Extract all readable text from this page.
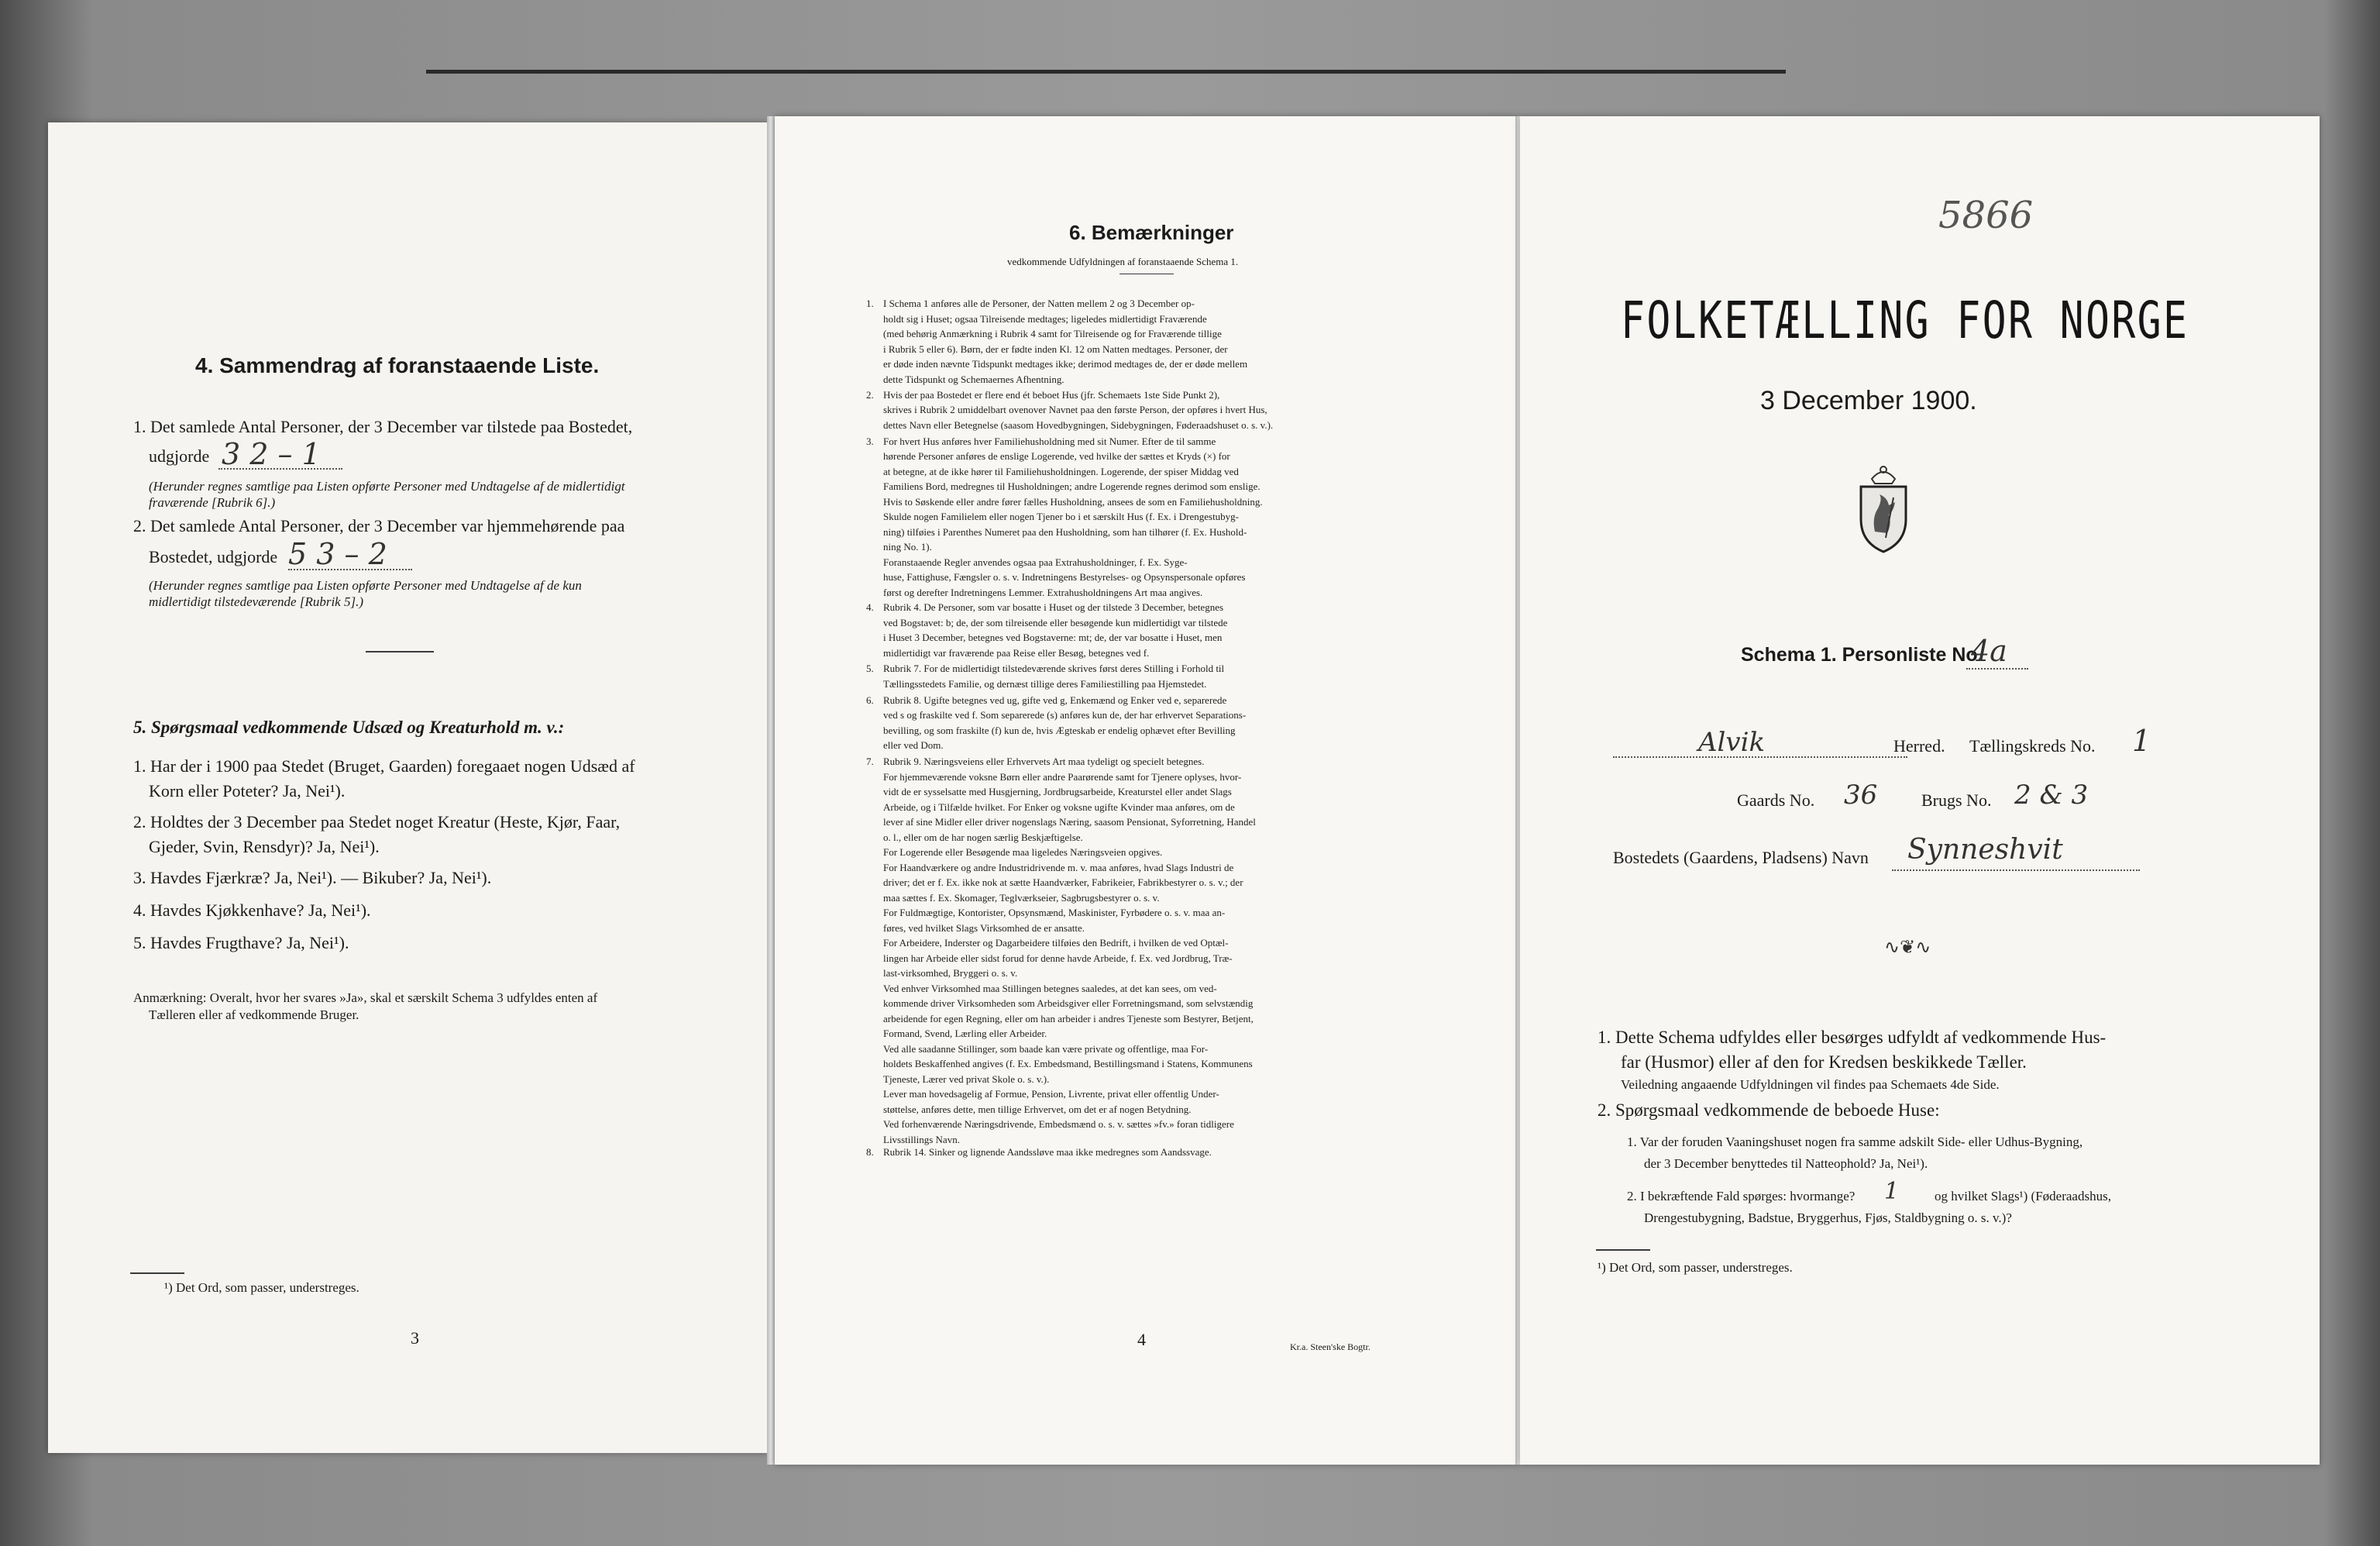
4. Sammendrag af foranstaaende Liste.
1. Det samlede Antal Personer, der 3 December var tilstede paa Bostedet,
udgjorde 3 2 – 1
(Herunder regnes samtlige paa Listen opførte Personer med Undtagelse af de midlertidigt
fraværende [Rubrik 6].)
2. Det samlede Antal Personer, der 3 December var hjemmehørende paa
Bostedet, udgjorde 5 3 – 2
(Herunder regnes samtlige paa Listen opførte Personer med Undtagelse af de kun
midlertidigt tilstedeværende [Rubrik 5].)
5. Spørgsmaal vedkommende Udsæd og Kreaturhold m. v.:
1. Har der i 1900 paa Stedet (Bruget, Gaarden) foregaaet nogen Udsæd af
Korn eller Poteter? Ja, Nei¹).
2. Holdtes der 3 December paa Stedet noget Kreatur (Heste, Kjør, Faar,
Gjeder, Svin, Rensdyr)? Ja, Nei¹).
3. Havdes Fjærkræ? Ja, Nei¹). — Bikuber? Ja, Nei¹).
4. Havdes Kjøkkenhave? Ja, Nei¹).
5. Havdes Frugthave? Ja, Nei¹).
Anmærkning: Overalt, hvor her svares »Ja», skal et særskilt Schema 3 udfyldes enten af
Tælleren eller af vedkommende Bruger.
¹) Det Ord, som passer, understreges.
3
6. Bemærkninger
vedkommende Udfyldningen af foranstaaende Schema 1.
1. I Schema 1 anføres alle de Personer, der Natten mellem 2 og 3 December op-
holdt sig i Huset; ogsaa Tilreisende medtages; ligeledes midlertidigt Fraværende
(med behørig Anmærkning i Rubrik 4 samt for Tilreisende og for Fraværende tillige
i Rubrik 5 eller 6). Børn, der er fødte inden Kl. 12 om Natten medtages. Personer, der
er døde inden nævnte Tidspunkt medtages ikke; derimod medtages de, der er døde mellem
dette Tidspunkt og Schemaernes Afhentning.
2. Hvis der paa Bostedet er flere end ét beboet Hus (jfr. Schemaets 1ste Side Punkt 2),
skrives i Rubrik 2 umiddelbart ovenover Navnet paa den første Person, der opføres i hvert Hus,
dettes Navn eller Betegnelse (saasom Hovedbygningen, Sidebygningen, Føderaadshuset o. s. v.).
3. For hvert Hus anføres hver Familiehusholdning med sit Numer. Efter de til samme
hørende Personer anføres de enslige Logerende, ved hvilke der sættes et Kryds (×) for
at betegne, at de ikke hører til Familiehusholdningen. Logerende, der spiser Middag ved
Familiens Bord, medregnes til Husholdningen; andre Logerende regnes derimod som enslige.
Hvis to Søskende eller andre fører fælles Husholdning, ansees de som en Familiehusholdning.
Skulde nogen Familielem eller nogen Tjener bo i et særskilt Hus (f. Ex. i Drengestubyg-
ning) tilføies i Parenthes Numeret paa den Husholdning, som han tilhører (f. Ex. Hushold-
ning No. 1).
Foranstaaende Regler anvendes ogsaa paa Extrahusholdninger, f. Ex. Syge-
huse, Fattighuse, Fængsler o. s. v. Indretningens Bestyrelses- og Opsynspersonale opføres
først og derefter Indretningens Lemmer. Extrahusholdningens Art maa angives.
4. Rubrik 4. De Personer, som var bosatte i Huset og der tilstede 3 December, betegnes
ved Bogstavet: b; de, der som tilreisende eller besøgende kun midlertidigt var tilstede
i Huset 3 December, betegnes ved Bogstaverne: mt; de, der var bosatte i Huset, men
midlertidigt var fraværende paa Reise eller Besøg, betegnes ved f.
5. Rubrik 7. For de midlertidigt tilstedeværende skrives først deres Stilling i Forhold til
Tællingsstedets Familie, og dernæst tillige deres Familiestilling paa Hjemstedet.
6. Rubrik 8. Ugifte betegnes ved ug, gifte ved g, Enkemænd og Enker ved e, separerede
ved s og fraskilte ved f. Som separerede (s) anføres kun de, der har erhvervet Separations-
bevilling, og som fraskilte (f) kun de, hvis Ægteskab er endelig ophævet efter Bevilling
eller ved Dom.
7. Rubrik 9. Næringsveiens eller Erhvervets Art maa tydeligt og specielt betegnes.
For hjemmeværende voksne Børn eller andre Paarørende samt for Tjenere oplyses, hvor-
vidt de er sysselsatte med Husgjerning, Jordbrugsarbeide, Kreaturstel eller andet Slags
Arbeide, og i Tilfælde hvilket. For Enker og voksne ugifte Kvinder maa anføres, om de
lever af sine Midler eller driver nogenslags Næring, saasom Pensionat, Syforretning, Handel
o. l., eller om de har nogen særlig Beskjæftigelse.
For Logerende eller Besøgende maa ligeledes Næringsveien opgives.
For Haandværkere og andre Industridrivende m. v. maa anføres, hvad Slags Industri de
driver; det er f. Ex. ikke nok at sætte Haandværker, Fabrikeier, Fabrikbestyrer o. s. v.; der
maa sættes f. Ex. Skomager, Teglværkseier, Sagbrugsbestyrer o. s. v.
For Fuldmægtige, Kontorister, Opsynsmænd, Maskinister, Fyrbødere o. s. v. maa an-
føres, ved hvilket Slags Virksomhed de er ansatte.
For Arbeidere, Inderster og Dagarbeidere tilføies den Bedrift, i hvilken de ved Optæl-
lingen har Arbeide eller sidst forud for denne havde Arbeide, f. Ex. ved Jordbrug, Træ-
last-virksomhed, Bryggeri o. s. v.
Ved enhver Virksomhed maa Stillingen betegnes saaledes, at det kan sees, om ved-
kommende driver Virksomheden som Arbeidsgiver eller Forretningsmand, som selvstændig
arbeidende for egen Regning, eller om han arbeider i andres Tjeneste som Bestyrer, Betjent,
Formand, Svend, Lærling eller Arbeider.
Ved alle saadanne Stillinger, som baade kan være private og offentlige, maa For-
holdets Beskaffenhed angives (f. Ex. Embedsmand, Bestillingsmand i Statens, Kommunens
Tjeneste, Lærer ved privat Skole o. s. v.).
Lever man hovedsagelig af Formue, Pension, Livrente, privat eller offentlig Under-
støttelse, anføres dette, men tillige Erhvervet, om det er af nogen Betydning.
Ved forhenværende Næringsdrivende, Embedsmænd o. s. v. sættes »fv.» foran tidligere
Livsstillings Navn.
8. Rubrik 14. Sinker og lignende Aandssløve maa ikke medregnes som Aandssvage.
4	Kr.a. Steen'ske Bogtr.
5866
FOLKETÆLLING FOR NORGE
3 December 1900.
Schema 1. Personliste No.
4a
Alvik	Herred. Tællingskreds No. 1
Gaards No. 36	Brugs No. 2 & 3
Bostedets (Gaardens, Pladsens) Navn Synneshvit
∿❦∿
1. Dette Schema udfyldes eller besørges udfyldt af vedkommende Hus-
far (Husmor) eller af den for Kredsen beskikkede Tæller.
Veiledning angaaende Udfyldningen vil findes paa Schemaets 4de Side.
2. Spørgsmaal vedkommende de beboede Huse:
1. Var der foruden Vaaningshuset nogen fra samme adskilt Side- eller Udhus-Bygning,
der 3 December benyttedes til Natteophold? Ja, Nei¹).
2. I bekræftende Fald spørges: hvormange? 1	og hvilket Slags¹) (Føderaadshus,
Drengestubygning, Badstue, Bryggerhus, Fjøs, Staldbygning o. s. v.)?
¹) Det Ord, som passer, understreges.
